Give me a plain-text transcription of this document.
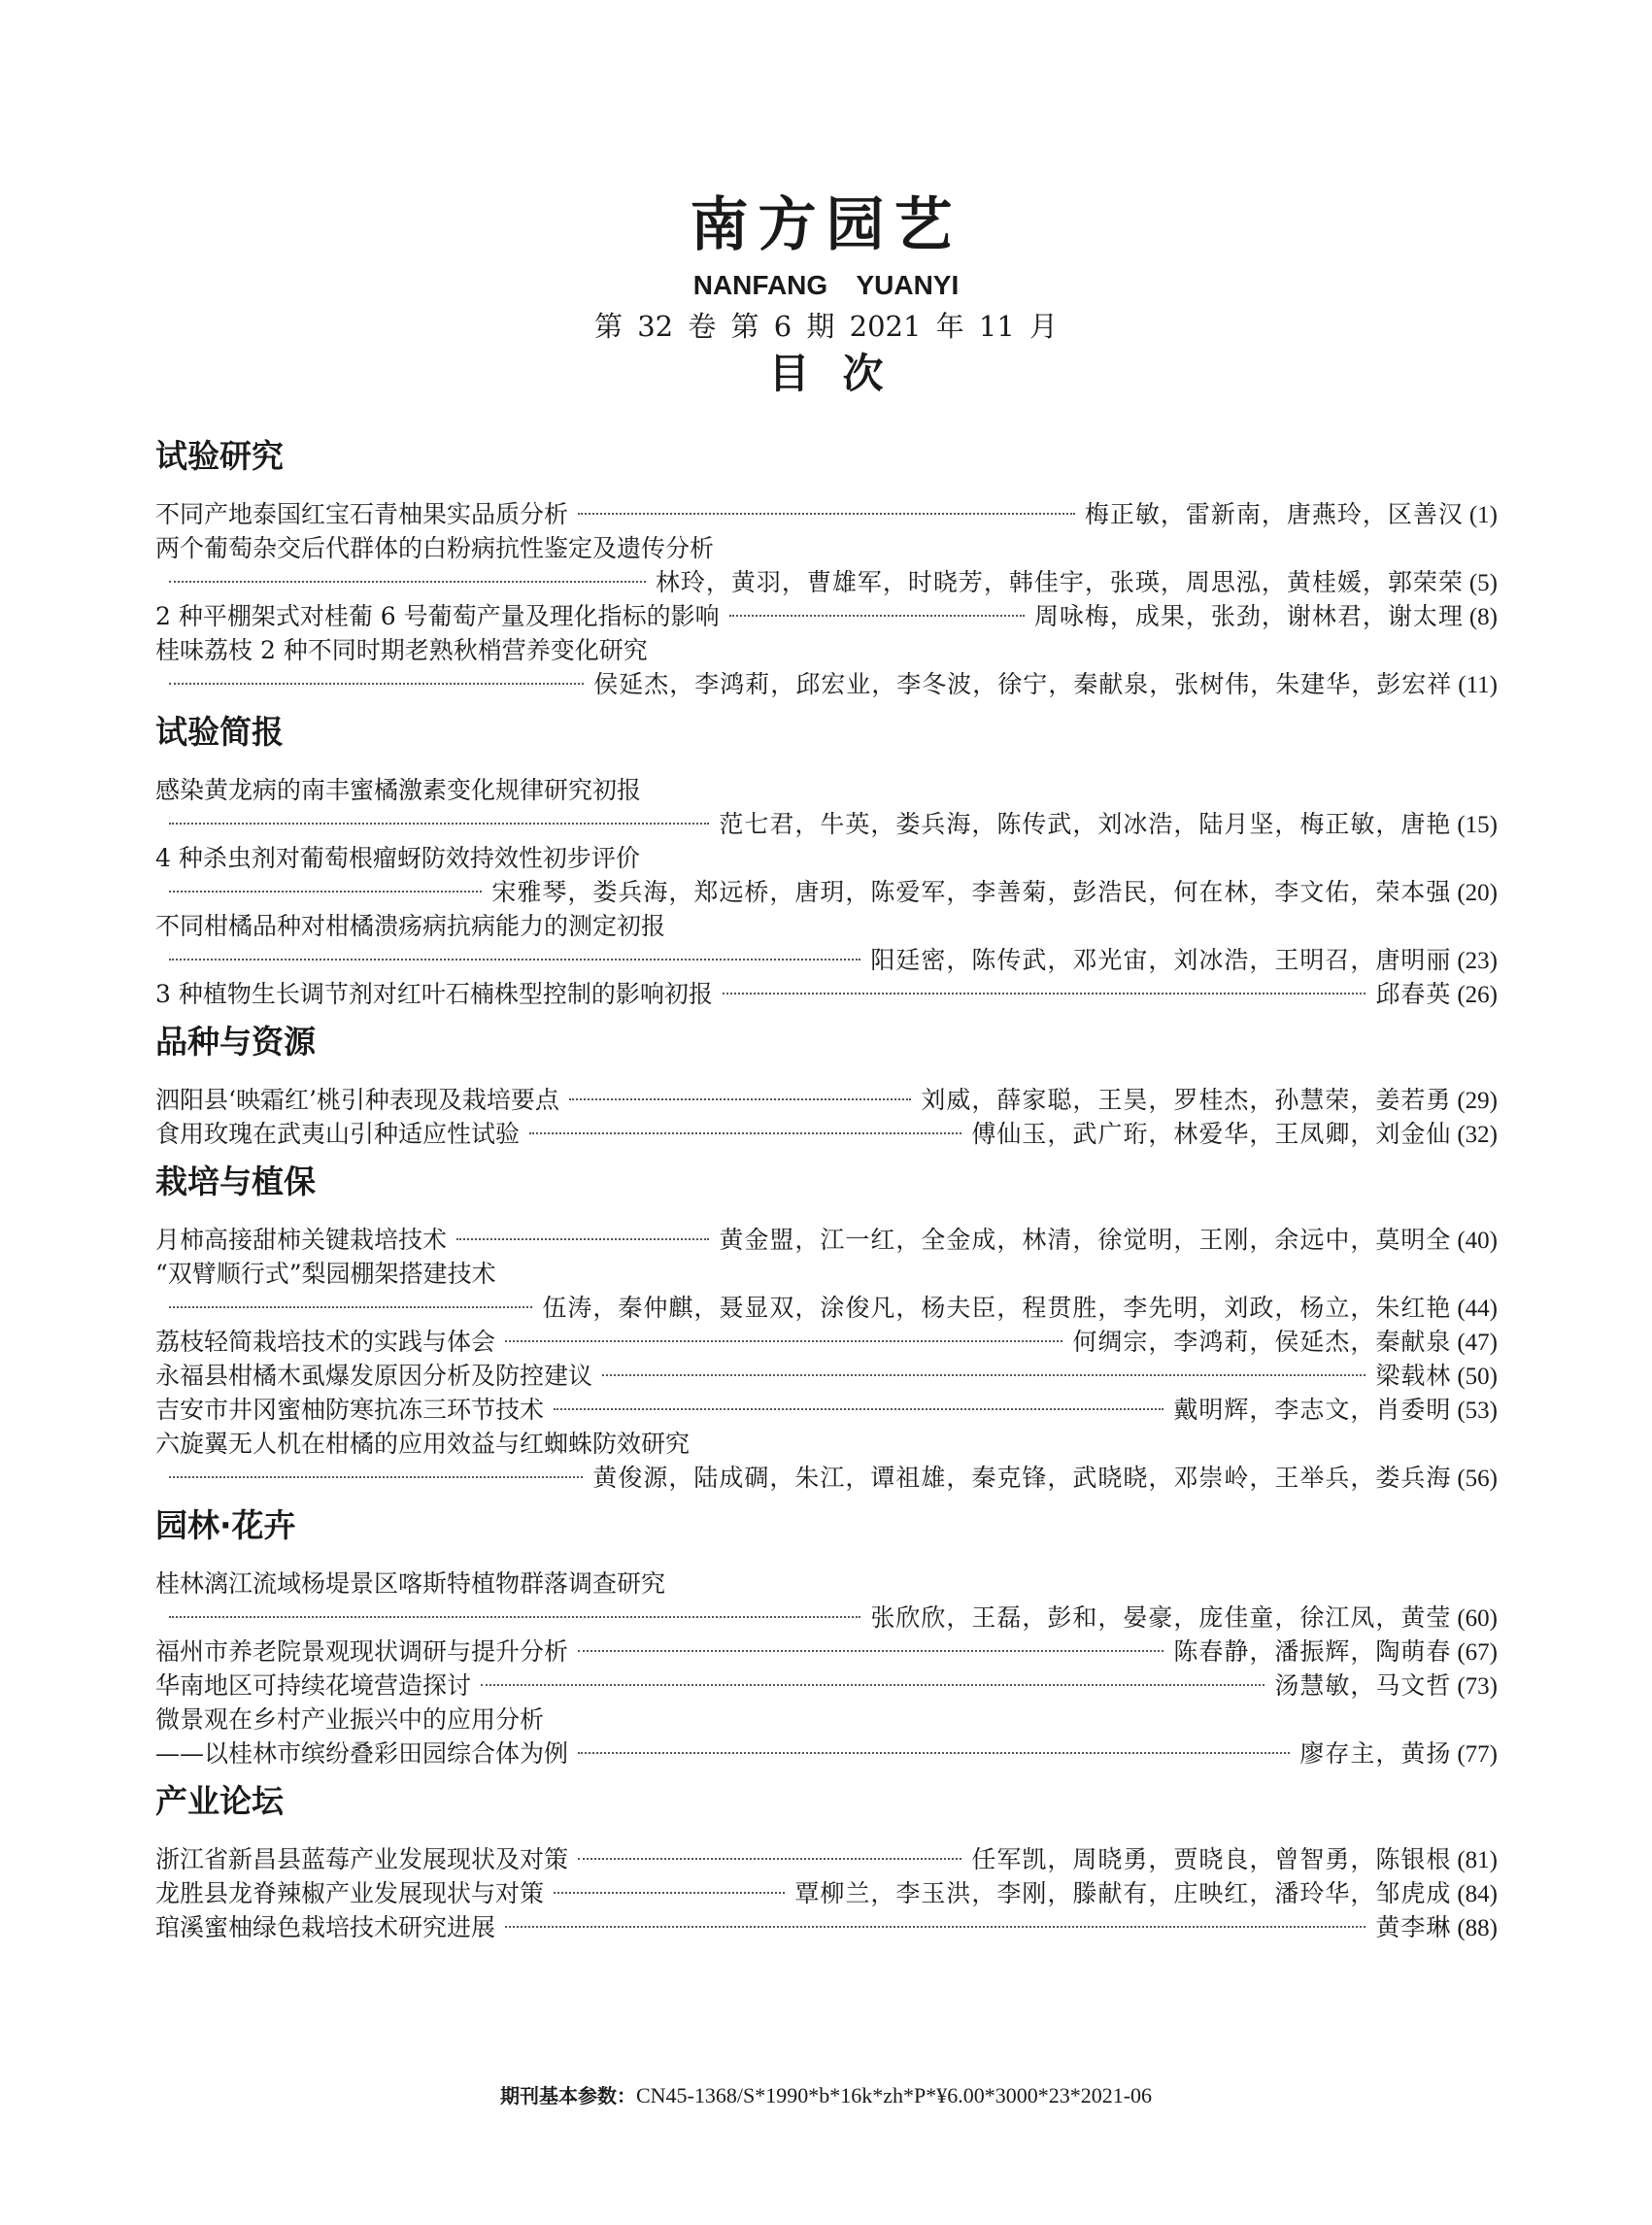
南方园艺
NANFANG YUANYI
第 32 卷 第 6 期 2021 年 11 月
目次
试验研究
不同产地泰国红宝石青柚果实品质分析	梅正敏，雷新南，唐燕玲，区善汉 (1)
两个葡萄杂交后代群体的白粉病抗性鉴定及遗传分析
林玲，黄羽，曹雄军，时晓芳，韩佳宇，张瑛，周思泓，黄桂媛，郭荣荣 (5)
2 种平棚架式对桂葡 6 号葡萄产量及理化指标的影响	周咏梅，成果，张劲，谢林君，谢太理 (8)
桂味荔枝 2 种不同时期老熟秋梢营养变化研究
侯延杰，李鸿莉，邱宏业，李冬波，徐宁，秦献泉，张树伟，朱建华，彭宏祥 (11)
试验简报
感染黄龙病的南丰蜜橘激素变化规律研究初报
范七君，牛英，娄兵海，陈传武，刘冰浩，陆月坚，梅正敏，唐艳 (15)
4 种杀虫剂对葡萄根瘤蚜防效持效性初步评价
宋雅琴，娄兵海，郑远桥，唐玥，陈爱军，李善菊，彭浩民，何在林，李文佑，荣本强 (20)
不同柑橘品种对柑橘溃疡病抗病能力的测定初报
阳廷密，陈传武，邓光宙，刘冰浩，王明召，唐明丽 (23)
3 种植物生长调节剂对红叶石楠株型控制的影响初报	邱春英 (26)
品种与资源
泗阳县‘映霜红’桃引种表现及栽培要点	刘威，薛家聪，王昊，罗桂杰，孙慧荣，姜若勇 (29)
食用玫瑰在武夷山引种适应性试验	傅仙玉，武广珩，林爱华，王凤卿，刘金仙 (32)
栽培与植保
月柿高接甜柿关键栽培技术	黄金盟，江一红，全金成，林清，徐觉明，王刚，余远中，莫明全 (40)
“双臂顺行式”梨园棚架搭建技术
伍涛，秦仲麒，聂显双，涂俊凡，杨夫臣，程贯胜，李先明，刘政，杨立，朱红艳 (44)
荔枝轻简栽培技术的实践与体会	何绸宗，李鸿莉，侯延杰，秦献泉 (47)
永福县柑橘木虱爆发原因分析及防控建议	梁载林 (50)
吉安市井冈蜜柚防寒抗冻三环节技术	戴明辉，李志文，肖委明 (53)
六旋翼无人机在柑橘的应用效益与红蜘蛛防效研究
黄俊源，陆成碉，朱江，谭祖雄，秦克锋，武晓晓，邓崇岭，王举兵，娄兵海 (56)
园林·花卉
桂林漓江流域杨堤景区喀斯特植物群落调查研究
张欣欣，王磊，彭和，晏豪，庞佳童，徐江凤，黄莹 (60)
福州市养老院景观现状调研与提升分析	陈春静，潘振辉，陶萌春 (67)
华南地区可持续花境营造探讨	汤慧敏，马文哲 (73)
微景观在乡村产业振兴中的应用分析
——以桂林市缤纷叠彩田园综合体为例	廖存主，黄扬 (77)
产业论坛
浙江省新昌县蓝莓产业发展现状及对策	任军凯，周晓勇，贾晓良，曾智勇，陈银根 (81)
龙胜县龙脊辣椒产业发展现状与对策	覃柳兰，李玉洪，李刚，滕献有，庄映红，潘玲华，邹虎成 (84)
琯溪蜜柚绿色栽培技术研究进展	黄李琳 (88)
期刊基本参数：CN45-1368/S*1990*b*16k*zh*P*¥6.00*3000*23*2021-06
